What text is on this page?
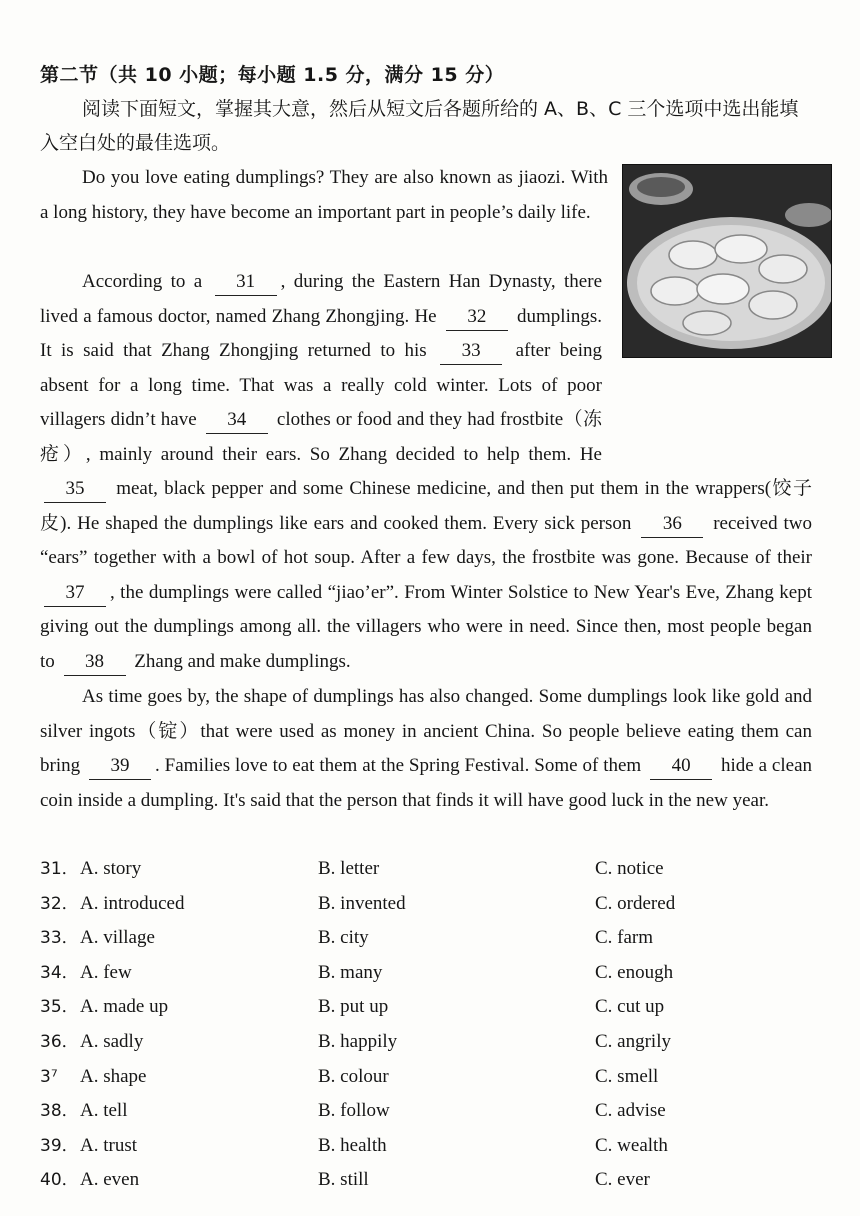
第二节（共 10 小题；每小题 1.5 分，满分 15 分）
阅读下面短文，掌握其大意，然后从短文后各题所给的 A、B、C 三个选项中选出能填入空白处的最佳选项。
Do you love eating dumplings? They are also known as jiaozi. With a long history, they have become an important part in people’s daily life.
According to a 31 , during the Eastern Han Dynasty, there lived a famous doctor, named Zhang Zhongjing. He 32 dumplings. It is said that Zhang Zhongjing returned to his 33 after being absent for a long time. That was a really cold winter. Lots of poor villagers didn’t have 34 clothes or food and they had frostbite（冻疮）, mainly around their ears. So Zhang decided to help them. He 35 meat, black pepper and some Chinese medicine, and then put them in the wrappers(饺子皮). He shaped the dumplings like ears and cooked them. Every sick person 36 received two “ears” together with a bowl of hot soup. After a few days, the frostbite was gone. Because of their 37 , the dumplings were called “jiao’er”. From Winter Solstice to New Year's Eve, Zhang kept giving out the dumplings among all. the villagers who were in need. Since then, most people began to 38 Zhang and make dumplings.
As time goes by, the shape of dumplings has also changed. Some dumplings look like gold and silver ingots（锭）that were used as money in ancient China. So people believe eating them can bring 39 . Families love to eat them at the Spring Festival. Some of them 40 hide a clean coin inside a dumpling. It's said that the person that finds it will have good luck in the new year.
31． A. story	B. letter	C. notice
32． A. introduced	B. invented	C. ordered
33． A. village	B. city	C. farm
34． A. few	B. many	C. enough
35． A. made up	B. put up	C. cut up
36． A. sadly	B. happily	C. angrily
3⁷ A. shape	B. colour	C. smell
38． A. tell	B. follow	C. advise
39． A. trust	B. health	C. wealth
40． A. even	B. still	C. ever
